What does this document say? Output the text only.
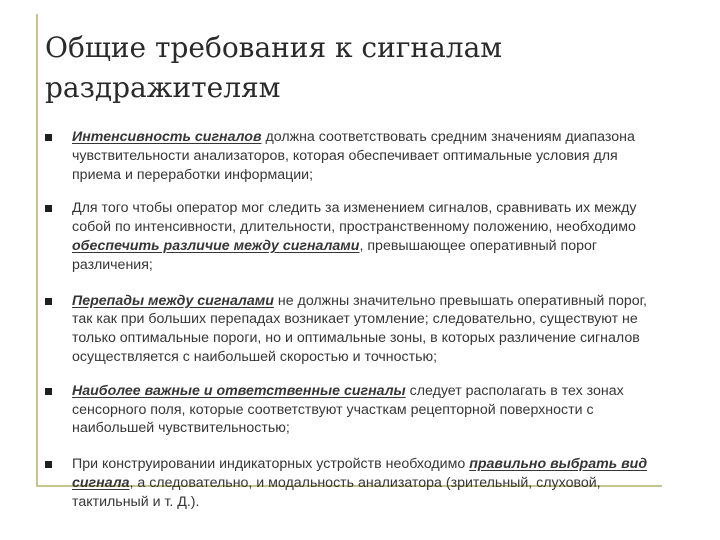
Общие требования к сигналам
раздражителям
Интенсивность сигналов должна соответствовать средним значениям диапазона чувствительности анализаторов, которая обеспечивает оптимальные условия для приема и переработки информации;
Для того чтобы оператор мог следить за изменением сигналов, сравнивать их между собой по интенсивности, длительности, пространственному положению, необходимо обеспечить различие между сигналами, превышающее оперативный порог различения;
Перепады между сигналами не должны значительно превышать оперативный порог, так как при больших перепадах возникает утомление; следовательно, существуют не только оптимальные пороги, но и оптимальные зоны, в которых различение сигналов осуществляется с наибольшей скоростью и точностью;
Наиболее важные и ответственные сигналы следует располагать в тех зонах сенсорного поля, которые соответствуют участкам рецепторной поверхности с наибольшей чувствительностью;
При конструировании индикаторных устройств необходимо правильно выбрать вид сигнала, а следовательно, и модальность анализатора (зрительный, слуховой, тактильный и т. Д.).
